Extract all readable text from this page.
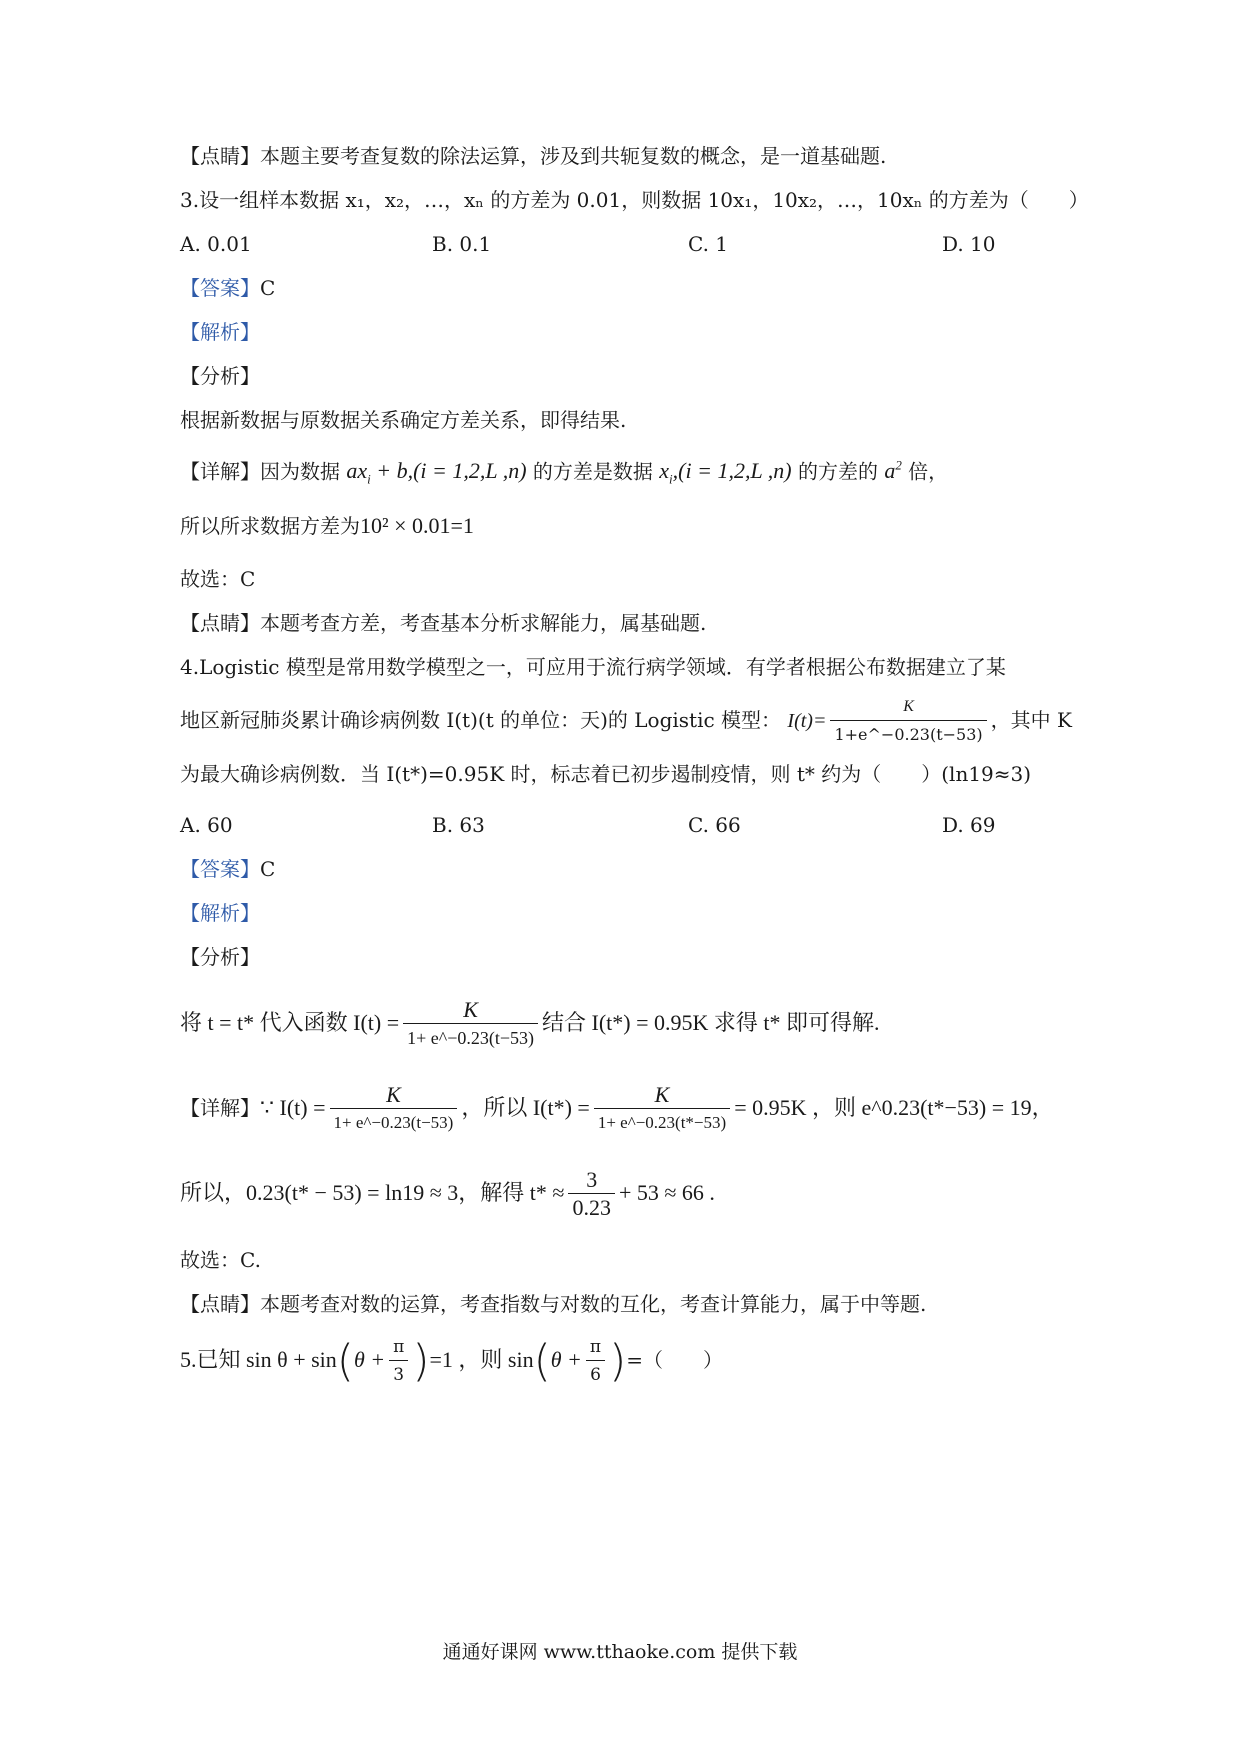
【点睛】本题主要考查复数的除法运算，涉及到共轭复数的概念，是一道基础题.
3.设一组样本数据 x₁，x₂，…，xₙ 的方差为 0.01，则数据 10x₁，10x₂，…，10xₙ 的方差为（　　）
A. 0.01	B. 0.1	C. 1	D. 10
【答案】C
【解析】
【分析】
根据新数据与原数据关系确定方差关系，即得结果.
【详解】因为数据 $ax_i + b,(i = 1,2,L$ ,n) 的方差是数据 $x_i,(i = 1,2,L$ ,n) 的方差的 $a^2$ 倍，
所以所求数据方差为10² × 0.01=1
故选：C
【点睛】本题考查方差，考查基本分析求解能力，属基础题.
4.Logistic 模型是常用数学模型之一，可应用于流行病学领域．有学者根据公布数据建立了某
地区新冠肺炎累计确诊病例数 I(t)(t 的单位：天)的 Logistic 模型： $I(t)= \frac{K}{1+e\^{}-0.23(t-53)}$ ，其中 K
为最大确诊病例数．当 I(t*)=0.95K 时，标志着已初步遏制疫情，则 t* 约为（　　）(ln19≈3)
A. 60	B. 63	C. 66	D. 69
【答案】C
【解析】
【分析】
将 t = t* 代入函数 $I(t) = \frac{K}{1+ e\^{}-0.23(t-53)}$ 结合 I(t*) = 0.95K 求得 t* 即可得解.
【详解】∵ $I(t) = \frac{K}{1+ e\^{}-0.23(t-53)}$ ，所以 $I(t*) = \frac{K}{1+ e\^{}-0.23(t*-53)} = 0.95K$ ，则 e^0.23(t*−53) = 19，
所以，0.23(t* − 53) = ln19 ≈ 3，解得 $t* \approx \frac{3}{0.23} + 53 \approx 66$ .
故选：C.
【点睛】本题考查对数的运算，考查指数与对数的互化，考查计算能力，属于中等题.
5.已知 $\sin \theta + \sin(\theta + \frac{\pi}{3} )=1$ ，则 $\sin(\theta + \frac{\pi}{6}$ )=（　　）
通通好课网 www.tthaoke.com 提供下载
